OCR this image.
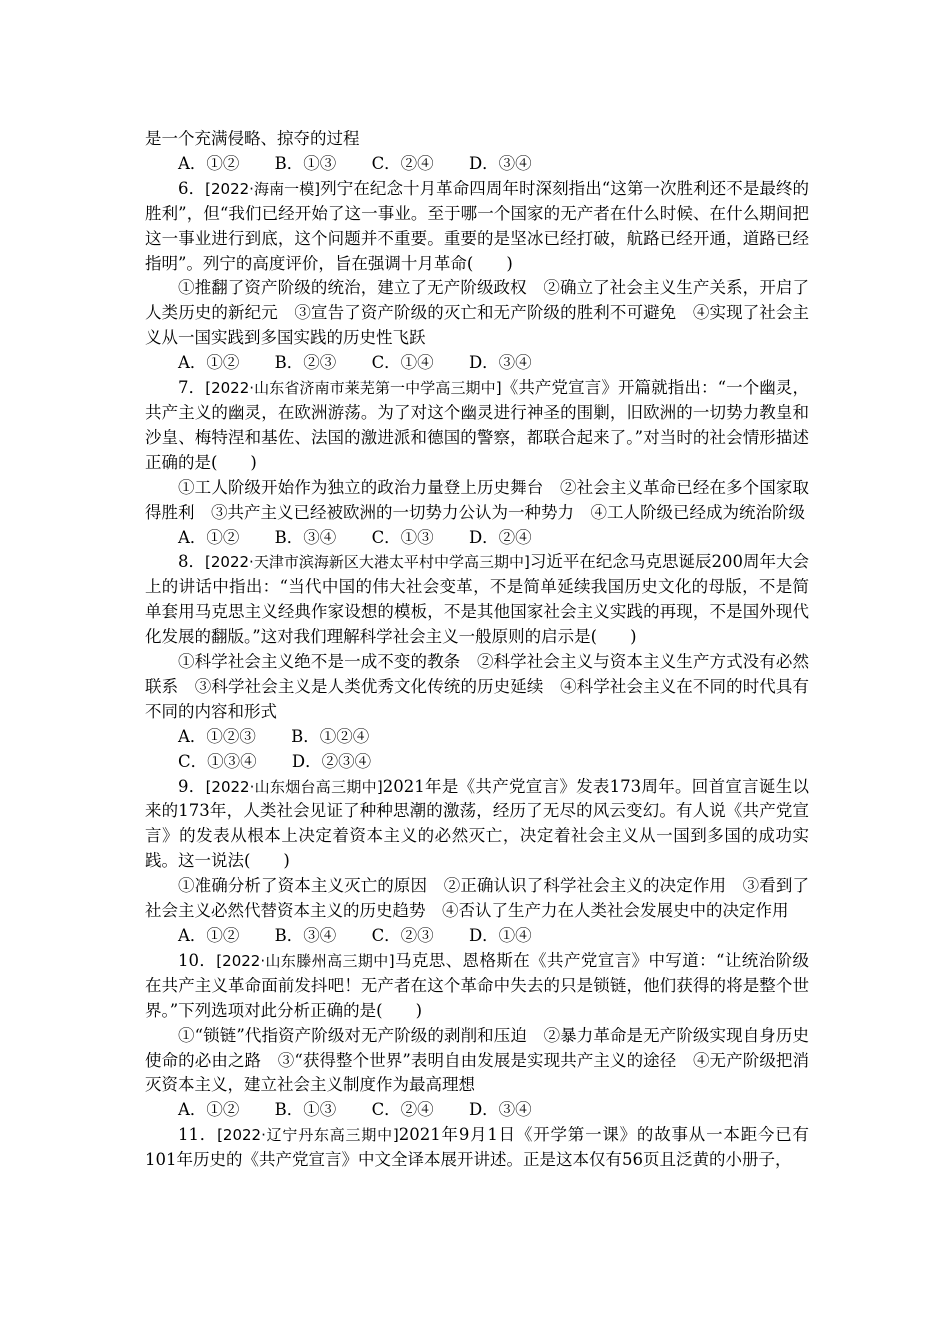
是一个充满侵略、掠夺的过程

A．①② B．①③ C．②④ D．③④

6．[2022·海南一模]列宁在纪念十月革命四周年时深刻指出“这第一次胜利还不是最终的胜利”，但“我们已经开始了这一事业。至于哪一个国家的无产者在什么时候、在什么期间把这一事业进行到底，这个问题并不重要。重要的是坚冰已经打破，航路已经开通，道路已经指明”。列宁的高度评价，旨在强调十月革命(　　)

①推翻了资产阶级的统治，建立了无产阶级政权　②确立了社会主义生产关系，开启了人类历史的新纪元　③宣告了资产阶级的灭亡和无产阶级的胜利不可避免　④实现了社会主义从一国实践到多国实践的历史性飞跃

A．①② B．②③ C．①④ D．③④

7．[2022·山东省济南市莱芜第一中学高三期中]《共产党宣言》开篇就指出：“一个幽灵，共产主义的幽灵，在欧洲游荡。为了对这个幽灵进行神圣的围剿，旧欧洲的一切势力教皇和沙皇、梅特涅和基佐、法国的激进派和德国的警察，都联合起来了。”对当时的社会情形描述正确的是(　　)

①工人阶级开始作为独立的政治力量登上历史舞台　②社会主义革命已经在多个国家取得胜利　③共产主义已经被欧洲的一切势力公认为一种势力　④工人阶级已经成为统治阶级

A．①② B．③④ C．①③ D．②④

8．[2022·天津市滨海新区大港太平村中学高三期中]习近平在纪念马克思诞辰200周年大会上的讲话中指出：“当代中国的伟大社会变革，不是简单延续我国历史文化的母版，不是简单套用马克思主义经典作家设想的模板，不是其他国家社会主义实践的再现，不是国外现代化发展的翻版。”这对我们理解科学社会主义一般原则的启示是(　　)

①科学社会主义绝不是一成不变的教条　②科学社会主义与资本主义生产方式没有必然联系　③科学社会主义是人类优秀文化传统的历史延续　④科学社会主义在不同的时代具有不同的内容和形式

A．①②③ B．①②④
C．①③④ D．②③④

9．[2022·山东烟台高三期中]2021年是《共产党宣言》发表173周年。回首宣言诞生以来的173年，人类社会见证了种种思潮的激荡，经历了无尽的风云变幻。有人说《共产党宣言》的发表从根本上决定着资本主义的必然灭亡，决定着社会主义从一国到多国的成功实践。这一说法(　　)

①准确分析了资本主义灭亡的原因　②正确认识了科学社会主义的决定作用　③看到了社会主义必然代替资本主义的历史趋势　④否认了生产力在人类社会发展史中的决定作用

A．①② B．③④ C．②③ D．①④

10．[2022·山东滕州高三期中]马克思、恩格斯在《共产党宣言》中写道：“让统治阶级在共产主义革命面前发抖吧！无产者在这个革命中失去的只是锁链，他们获得的将是整个世界。”下列选项对此分析正确的是(　　)

①“锁链”代指资产阶级对无产阶级的剥削和压迫　②暴力革命是无产阶级实现自身历史使命的必由之路　③“获得整个世界”表明自由发展是实现共产主义的途径　④无产阶级把消灭资本主义，建立社会主义制度作为最高理想

A．①② B．①③ C．②④ D．③④

11．[2022·辽宁丹东高三期中]2021年9月1日《开学第一课》的故事从一本距今已有101年历史的《共产党宣言》中文全译本展开讲述。正是这本仅有56页且泛黄的小册子，
